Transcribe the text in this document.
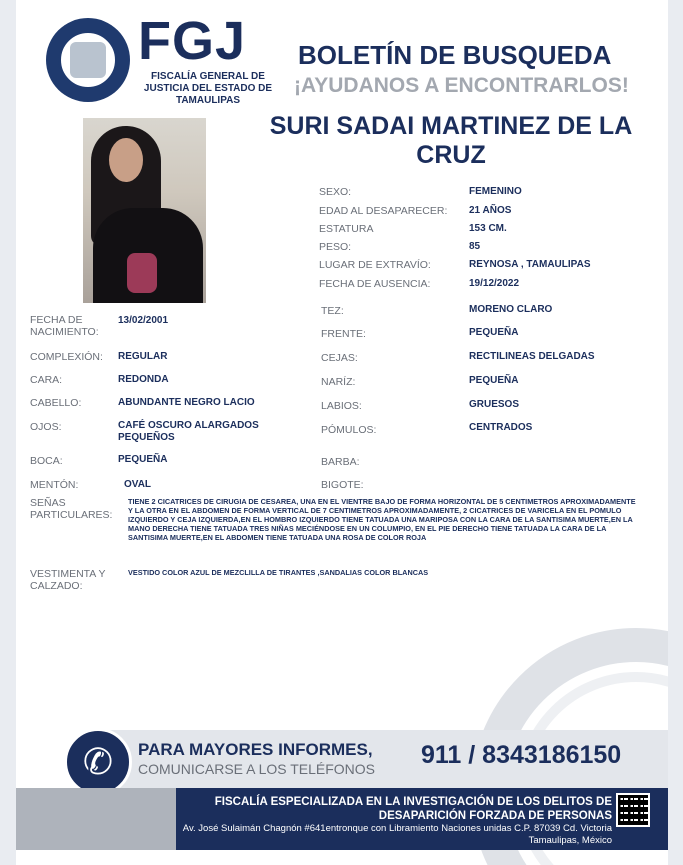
FGJ
FISCALÍA GENERAL DE JUSTICIA DEL ESTADO DE TAMAULIPAS
BOLETÍN DE BUSQUEDA
¡AYUDANOS A ENCONTRARLOS!
SURI SADAI MARTINEZ DE LA CRUZ
SEXO:	FEMENINO
EDAD AL DESAPARECER: 21 AÑOS
ESTATURA	153 CM.
PESO:	85
LUGAR DE EXTRAVÍO:	REYNOSA , TAMAULIPAS
FECHA DE AUSENCIA:	19/12/2022
FECHA DE NACIMIENTO:
13/02/2001
COMPLEXIÓN: REGULAR
CARA:	REDONDA
CABELLO:	ABUNDANTE NEGRO LACIO
OJOS:	CAFÉ OSCURO ALARGADOS PEQUEÑOS
BOCA:	PEQUEÑA
MENTÓN:	OVAL
TEZ:	MORENO CLARO
FRENTE:	PEQUEÑA
CEJAS:	RECTILINEAS DELGADAS
NARÍZ:	PEQUEÑA
LABIOS:	GRUESOS
PÓMULOS:	CENTRADOS
BARBA:
BIGOTE:
SEÑAS PARTICULARES:
TIENE 2 CICATRICES DE CIRUGIA DE CESAREA, UNA EN EL VIENTRE BAJO DE FORMA HORIZONTAL DE 5 CENTIMETROS APROXIMADAMENTE Y LA OTRA EN EL ABDOMEN DE FORMA VERTICAL DE 7 CENTIMETROS APROXIMADAMENTE, 2 CICATRICES DE VARICELA EN EL POMULO IZQUIERDO Y CEJA IZQUIERDA,EN EL HOMBRO IZQUIERDO TIENE TATUADA UNA MARIPOSA CON LA CARA DE LA SANTISIMA MUERTE,EN LA MANO DERECHA TIENE TATUADA TRES NIÑAS MECIÉNDOSE EN UN COLUMPIO, EN EL PIE DERECHO TIENE TATUADA LA CARA DE LA SANTISIMA MUERTE,EN EL ABDOMEN TIENE TATUADA UNA ROSA DE COLOR ROJA
VESTIMENTA Y CALZADO:
VESTIDO COLOR AZUL DE MEZCLILLA DE TIRANTES ,SANDALIAS COLOR BLANCAS
✆	PARA MAYORES INFORMES,
COMUNICARSE A LOS TELÉFONOS 911 / 8343186150
FISCALÍA ESPECIALIZADA EN LA INVESTIGACIÓN DE LOS DELITOS DE DESAPARICIÓN FORZADA DE PERSONAS
Av. José Sulaimán Chagnón #641entronque con Libramiento Naciones unidas C.P. 87039 Cd. Victoria Tamaulipas, México
